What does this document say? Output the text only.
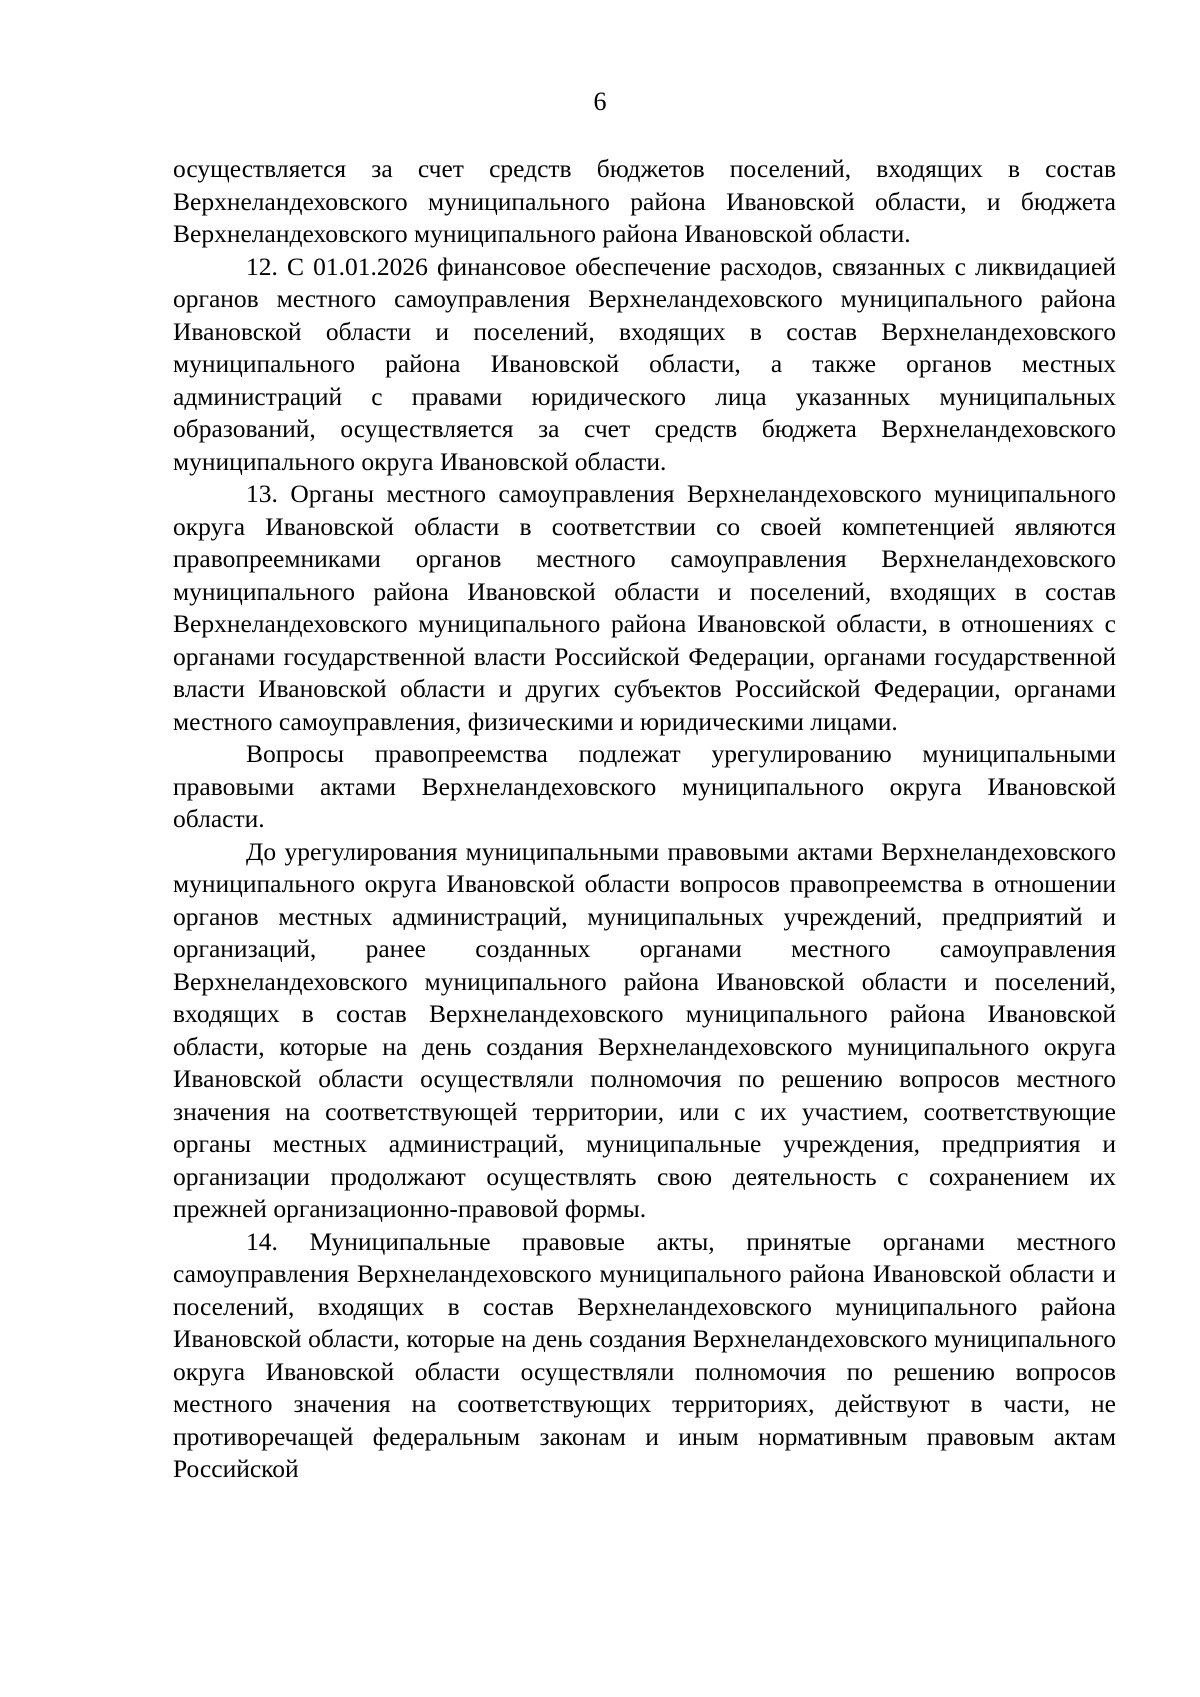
6

осуществляется за счет средств бюджетов поселений, входящих в состав Верхнеландеховского муниципального района Ивановской области, и бюджета Верхнеландеховского муниципального района Ивановской области.

12. С 01.01.2026 финансовое обеспечение расходов, связанных с ликвидацией органов местного самоуправления Верхнеландеховского муниципального района Ивановской области и поселений, входящих в состав Верхнеландеховского муниципального района Ивановской области, а также органов местных администраций с правами юридического лица указанных муниципальных образований, осуществляется за счет средств бюджета Верхнеландеховского муниципального округа Ивановской области.

13. Органы местного самоуправления Верхнеландеховского муниципального округа Ивановской области в соответствии со своей компетенцией являются правопреемниками органов местного самоуправления Верхнеландеховского муниципального района Ивановской области и поселений, входящих в состав Верхнеландеховского муниципального района Ивановской области, в отношениях с органами государственной власти Российской Федерации, органами государственной власти Ивановской области и других субъектов Российской Федерации, органами местного самоуправления, физическими и юридическими лицами.

Вопросы правопреемства подлежат урегулированию муниципальными правовыми актами Верхнеландеховского муниципального округа Ивановской области.

До урегулирования муниципальными правовыми актами Верхнеландеховского муниципального округа Ивановской области вопросов правопреемства в отношении органов местных администраций, муниципальных учреждений, предприятий и организаций, ранее созданных органами местного самоуправления Верхнеландеховского муниципального района Ивановской области и поселений, входящих в состав Верхнеландеховского муниципального района Ивановской области, которые на день создания Верхнеландеховского муниципального округа Ивановской области осуществляли полномочия по решению вопросов местного значения на соответствующей территории, или с их участием, соответствующие органы местных администраций, муниципальные учреждения, предприятия и организации продолжают осуществлять свою деятельность с сохранением их прежней организационно-правовой формы.

14. Муниципальные правовые акты, принятые органами местного самоуправления Верхнеландеховского муниципального района Ивановской области и поселений, входящих в состав Верхнеландеховского муниципального района Ивановской области, которые на день создания Верхнеландеховского муниципального округа Ивановской области осуществляли полномочия по решению вопросов местного значения на соответствующих территориях, действуют в части, не противоречащей федеральным законам и иным нормативным правовым актам Российской
